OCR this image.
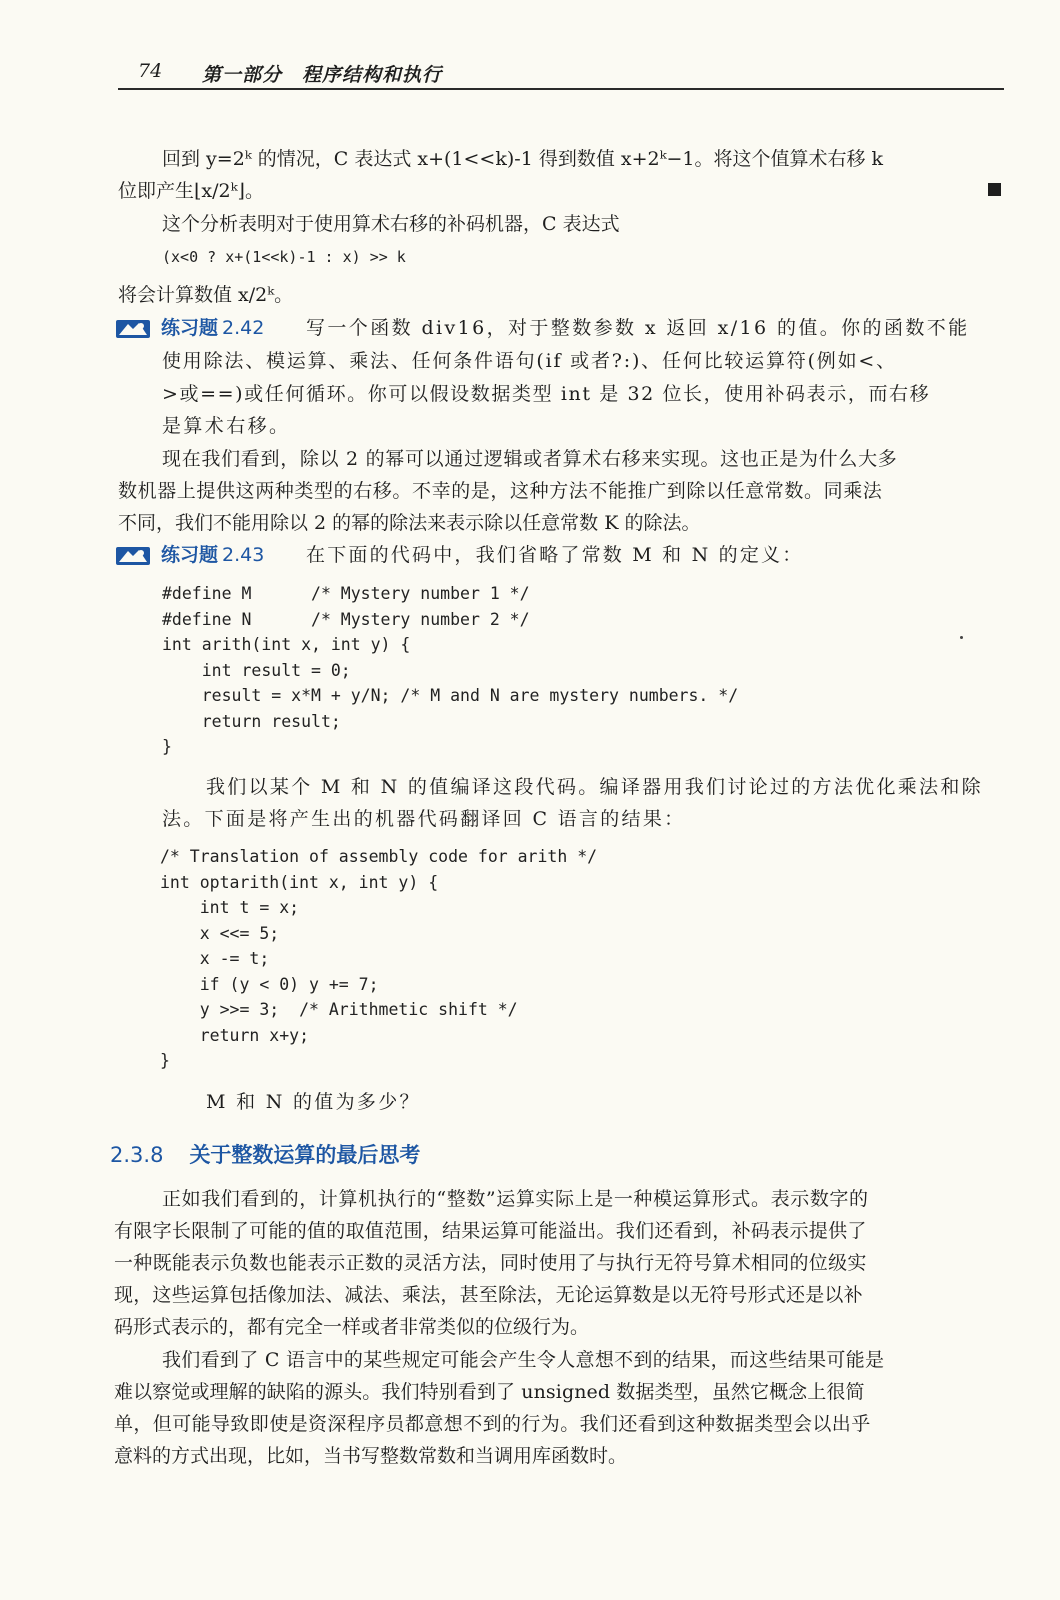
74 第一部分　程序结构和执行
回到 y=2ᵏ 的情况，C 表达式 x+(1<<k)-1 得到数值 x+2ᵏ−1。将这个值算术右移 k
位即产生⌊x/2ᵏ⌋。
这个分析表明对于使用算术右移的补码机器，C 表达式
(x<0 ? x+(1<<k)-1 : x) >> k
将会计算数值 x/2ᵏ。
练习题 2.42 写一个函数 div16，对于整数参数 x 返回 x/16 的值。你的函数不能
使用除法、模运算、乘法、任何条件语句(if 或者?:)、任何比较运算符(例如<、
>或==)或任何循环。你可以假设数据类型 int 是 32 位长，使用补码表示，而右移
是算术右移。
现在我们看到，除以 2 的幂可以通过逻辑或者算术右移来实现。这也正是为什么大多
数机器上提供这两种类型的右移。不幸的是，这种方法不能推广到除以任意常数。同乘法
不同，我们不能用除以 2 的幂的除法来表示除以任意常数 K 的除法。
练习题 2.43 在下面的代码中，我们省略了常数 M 和 N 的定义：
#define M      /* Mystery number 1 */
#define N      /* Mystery number 2 */
int arith(int x, int y) {
int result = 0;
result = x*M + y/N; /* M and N are mystery numbers. */
return result;
}
我们以某个 M 和 N 的值编译这段代码。编译器用我们讨论过的方法优化乘法和除
法。下面是将产生出的机器代码翻译回 C 语言的结果：
/* Translation of assembly code for arith */
int optarith(int x, int y) {
int t = x;
x <<= 5;
x -= t;
if (y < 0) y += 7;
y >>= 3;  /* Arithmetic shift */
return x+y;
}
M 和 N 的值为多少？
2.3.8 关于整数运算的最后思考
正如我们看到的，计算机执行的“整数”运算实际上是一种模运算形式。表示数字的
有限字长限制了可能的值的取值范围，结果运算可能溢出。我们还看到，补码表示提供了
一种既能表示负数也能表示正数的灵活方法，同时使用了与执行无符号算术相同的位级实
现，这些运算包括像加法、减法、乘法，甚至除法，无论运算数是以无符号形式还是以补
码形式表示的，都有完全一样或者非常类似的位级行为。
我们看到了 C 语言中的某些规定可能会产生令人意想不到的结果，而这些结果可能是
难以察觉或理解的缺陷的源头。我们特别看到了 unsigned 数据类型，虽然它概念上很简
单，但可能导致即使是资深程序员都意想不到的行为。我们还看到这种数据类型会以出乎
意料的方式出现，比如，当书写整数常数和当调用库函数时。
